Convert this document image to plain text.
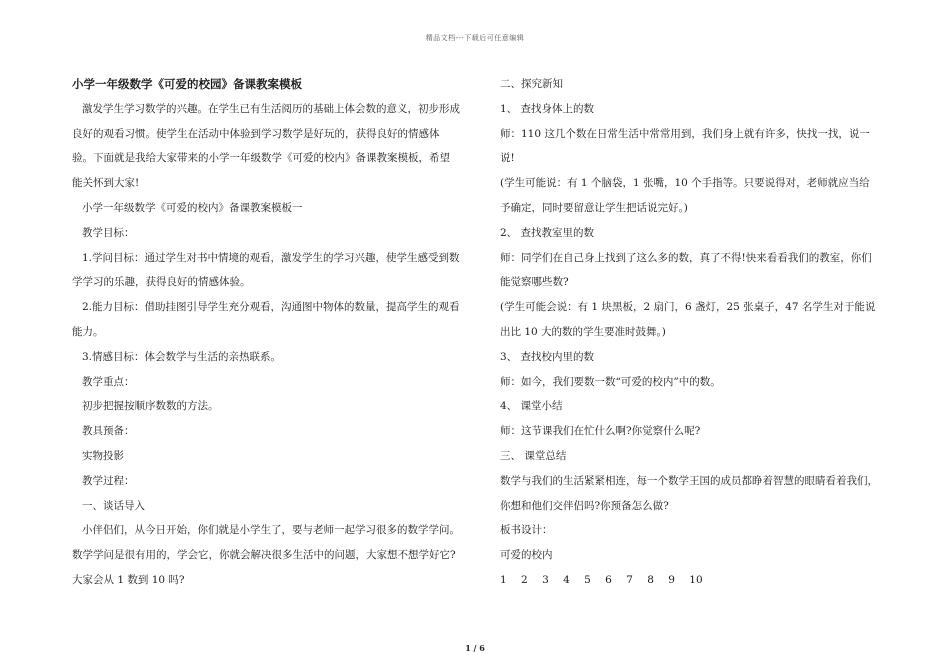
精品文档---下载后可任意编辑

小学一年级数学《可爱的校园》备课教案模板

激发学生学习数学的兴趣。在学生已有生活阅历的基础上体会数的意义，初步形成良好的观看习惯。使学生在活动中体验到学习数学是好玩的，获得良好的情感体验。下面就是我给大家带来的小学一年级数学《可爱的校内》备课教案模板，希望能关怀到大家!

小学一年级数学《可爱的校内》备课教案模板一

教学目标：

1.学问目标：通过学生对书中情境的观看，激发学生的学习兴趣，使学生感受到数学学习的乐趣，获得良好的情感体验。

2.能力目标：借助挂图引导学生充分观看，沟通图中物体的数量，提高学生的观看能力。

3.情感目标：体会数学与生活的亲热联系。

教学重点：

初步把握按顺序数数的方法。

教具预备：

实物投影

教学过程：

一、谈话导入

小伴侣们，从今日开始，你们就是小学生了，要与老师一起学习很多的数学学问。数学学问是很有用的，学会它，你就会解决很多生活中的问题，大家想不想学好它?大家会从 1 数到 10 吗?

二、探究新知

1、 查找身体上的数

师：110 这几个数在日常生活中常常用到，我们身上就有许多，快找一找，说一说!

(学生可能说：有 1 个脑袋，1 张嘴，10 个手指等。只要说得对，老师就应当给予确定，同时要留意让学生把话说完好。)

2、 查找教室里的数

师：同学们在自己身上找到了这么多的数，真了不得!快来看看我们的教室，你们能觉察哪些数?

(学生可能会说：有 1 块黑板，2 扇门，6 盏灯，25 张桌子，47 名学生对于能说出比 10 大的数的学生要准时鼓舞。)

3、 查找校内里的数

师：如今，我们要数一数“可爱的校内”中的数。

4、 课堂小结

师：这节课我们在忙什么啊?你觉察什么呢?

三、 课堂总结

数学与我们的生活紧紧相连，每一个数学王国的成员都睁着智慧的眼睛看着我们，你想和他们交伴侣吗?你预备怎么做?

板书设计：

可爱的校内

1 2 3 4 5 6 7 8 9 10

1 / 6
